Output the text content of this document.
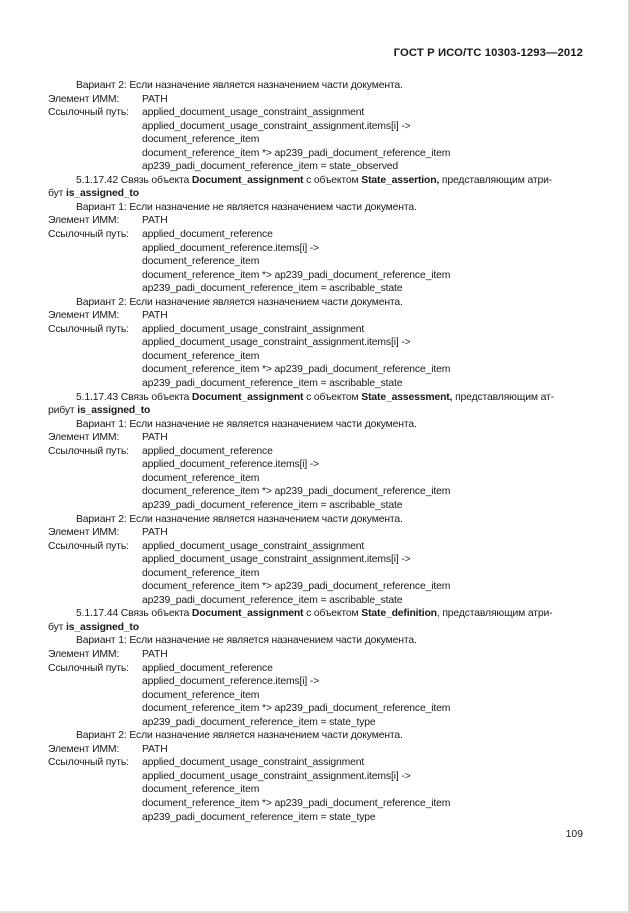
ГОСТ Р ИСО/ТС 10303-1293—2012

Вариант 2: Если назначение является назначением части документа.
Элемент ИММ: PATH
Ссылочный путь: applied_document_usage_constraint_assignment
applied_document_usage_constraint_assignment.items[i] ->
document_reference_item
document_reference_item *> ap239_padi_document_reference_item
ap239_padi_document_reference_item = state_observed
5.1.17.42 Связь объекта Document_assignment с объектом State_assertion, представляющим атри-
бут is_assigned_to
Вариант 1: Если назначение не является назначением части документа.
Элемент ИММ: PATH
Ссылочный путь: applied_document_reference
applied_document_reference.items[i] ->
document_reference_item
document_reference_item *> ap239_padi_document_reference_item
ap239_padi_document_reference_item = ascribable_state
Вариант 2: Если назначение является назначением части документа.
Элемент ИММ: PATH
Ссылочный путь: applied_document_usage_constraint_assignment
applied_document_usage_constraint_assignment.items[i] ->
document_reference_item
document_reference_item *> ap239_padi_document_reference_item
ap239_padi_document_reference_item = ascribable_state
5.1.17.43 Связь объекта Document_assignment с объектом State_assessment, представляющим ат-
рибут is_assigned_to
Вариант 1: Если назначение не является назначением части документа.
Элемент ИММ: PATH
Ссылочный путь: applied_document_reference
applied_document_reference.items[i] ->
document_reference_item
document_reference_item *> ap239_padi_document_reference_item
ap239_padi_document_reference_item = ascribable_state
Вариант 2: Если назначение является назначением части документа.
Элемент ИММ: PATH
Ссылочный путь: applied_document_usage_constraint_assignment
applied_document_usage_constraint_assignment.items[i] ->
document_reference_item
document_reference_item *> ap239_padi_document_reference_item
ap239_padi_document_reference_item = ascribable_state
5.1.17.44 Связь объекта Document_assignment с объектом State_definition, представляющим атри-
бут is_assigned_to
Вариант 1: Если назначение не является назначением части документа.
Элемент ИММ: PATH
Ссылочный путь: applied_document_reference
applied_document_reference.items[i] ->
document_reference_item
document_reference_item *> ap239_padi_document_reference_item
ap239_padi_document_reference_item = state_type
Вариант 2: Если назначение является назначением части документа.
Элемент ИММ: PATH
Ссылочный путь: applied_document_usage_constraint_assignment
applied_document_usage_constraint_assignment.items[i] ->
document_reference_item
document_reference_item *> ap239_padi_document_reference_item
ap239_padi_document_reference_item = state_type

109
